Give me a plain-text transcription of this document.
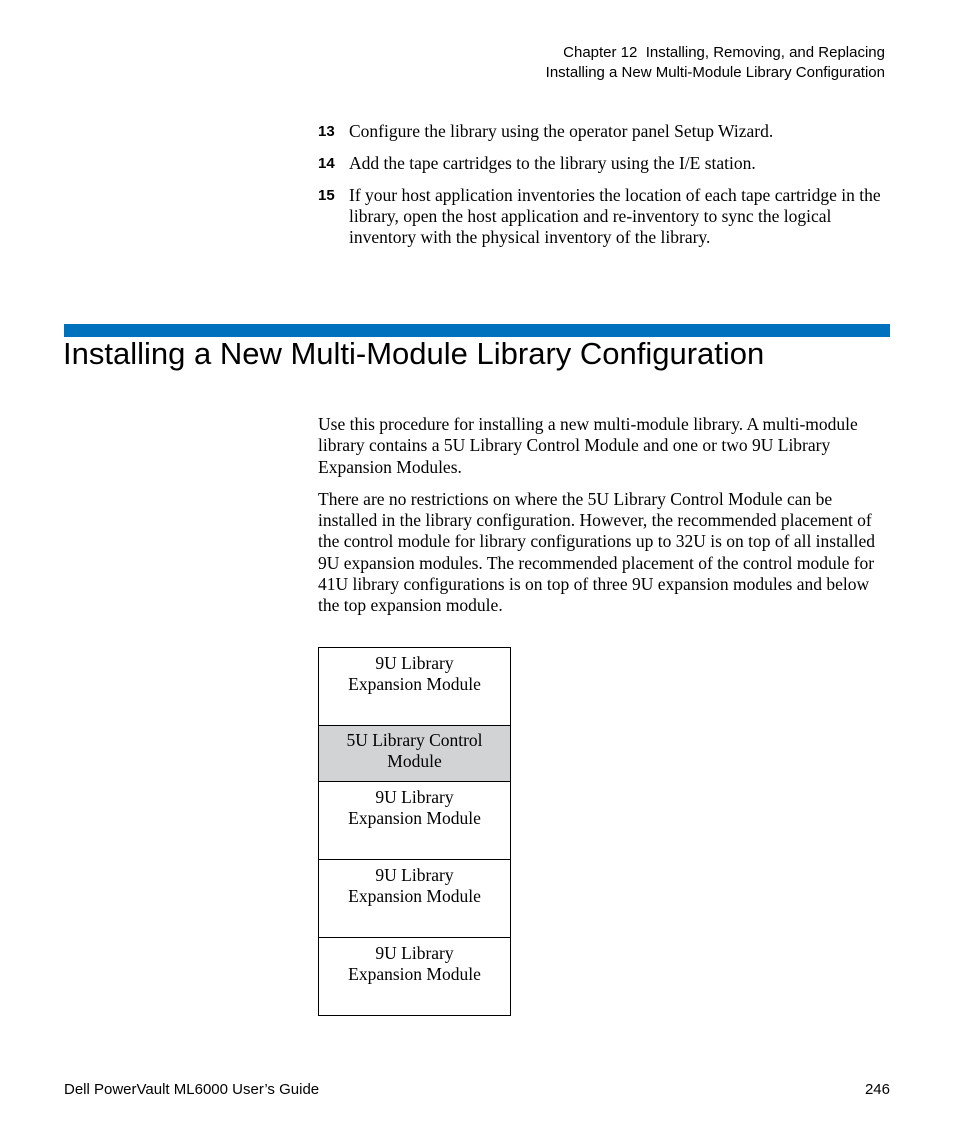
Chapter 12  Installing, Removing, and Replacing
Installing a New Multi-Module Library Configuration
13 Configure the library using the operator panel Setup Wizard.
14 Add the tape cartridges to the library using the I/E station.
15 If your host application inventories the location of each tape cartridge in the library, open the host application and re-inventory to sync the logical inventory with the physical inventory of the library.
Installing a New Multi-Module Library Configuration

Use this procedure for installing a new multi-module library. A multi-module library contains a 5U Library Control Module and one or two 9U Library Expansion Modules.

There are no restrictions on where the 5U Library Control Module can be installed in the library configuration. However, the recommended placement of the control module for library configurations up to 32U is on top of all installed 9U expansion modules. The recommended placement of the control module for 41U library configurations is on top of three 9U expansion modules and below the top expansion module.

9U Library
Expansion Module
5U Library Control
Module
9U Library
Expansion Module
9U Library
Expansion Module
9U Library
Expansion Module
Dell PowerVault ML6000 User’s Guide	246
